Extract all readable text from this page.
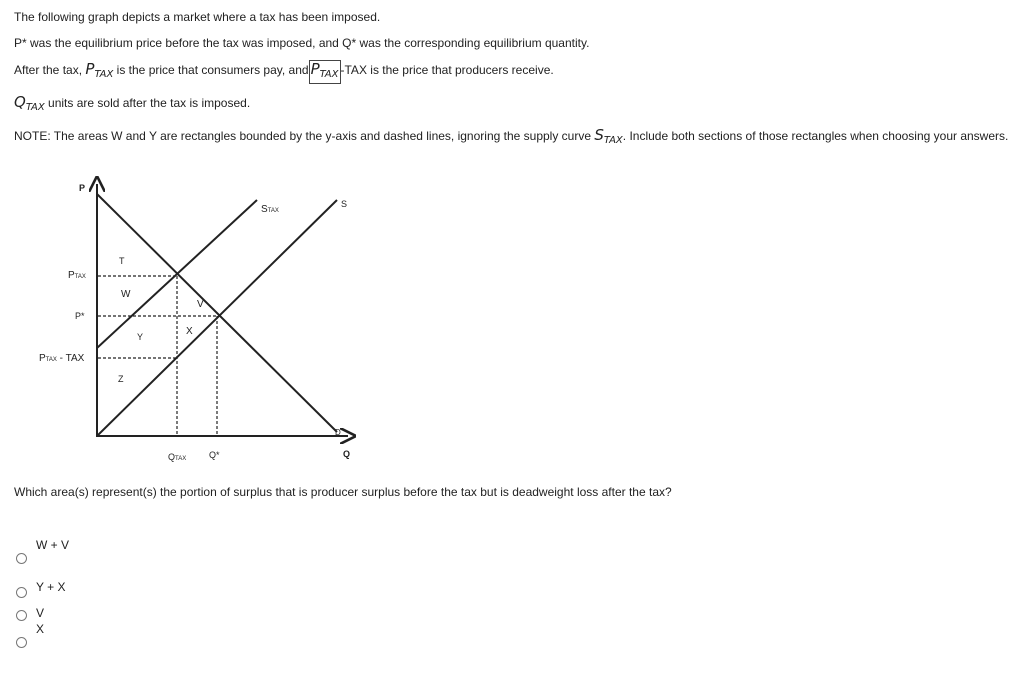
The following graph depicts a market where a tax has been imposed.
P* was the equilibrium price before the tax was imposed, and Q* was the corresponding equilibrium quantity.
After the tax, $P_{TAX}$ is the price that consumers pay, and $P_{TAX}$ -TAX is the price that producers receive.
$Q_{TAX}$ units are sold after the tax is imposed.
NOTE: The areas W and Y are rectangles bounded by the y-axis and dashed lines, ignoring the supply curve $S_{TAX}$. Include both sections of those rectangles when choosing your answers.
P
Q
PTAX
P*
PTAX - TAX
QTAX	Q*
STAX
S
D
T
W
V
Y	X
Z
Which area(s) represent(s) the portion of surplus that is producer surplus before the tax but is deadweight loss after the tax?
W + V
Y + X
V
X
